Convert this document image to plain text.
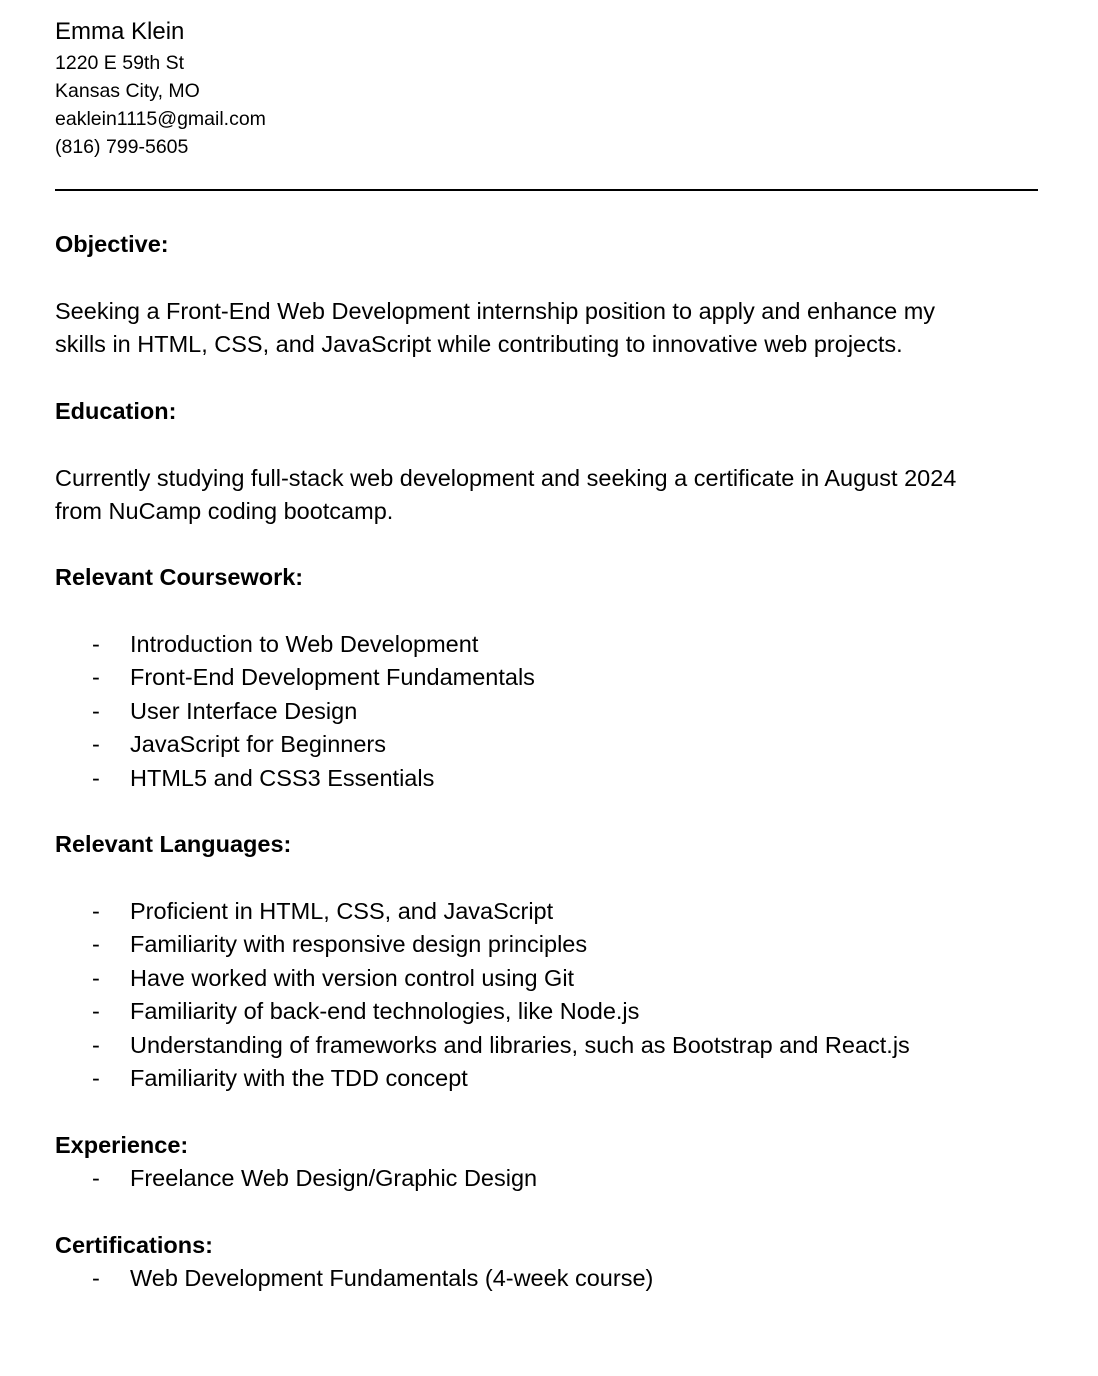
Emma Klein
1220 E 59th St
Kansas City, MO
eaklein1115@gmail.com
(816) 799-5605
Objective:
Seeking a Front-End Web Development internship position to apply and enhance my
skills in HTML, CSS, and JavaScript while contributing to innovative web projects.
Education:
Currently studying full-stack web development and seeking a certificate in August 2024
from NuCamp coding bootcamp.
Relevant Coursework:
- Introduction to Web Development
- Front-End Development Fundamentals
- User Interface Design
- JavaScript for Beginners
- HTML5 and CSS3 Essentials
Relevant Languages:
- Proficient in HTML, CSS, and JavaScript
- Familiarity with responsive design principles
- Have worked with version control using Git
- Familiarity of back-end technologies, like Node.js
- Understanding of frameworks and libraries, such as Bootstrap and React.js
- Familiarity with the TDD concept
Experience:
- Freelance Web Design/Graphic Design
Certifications:
- Web Development Fundamentals (4-week course)
